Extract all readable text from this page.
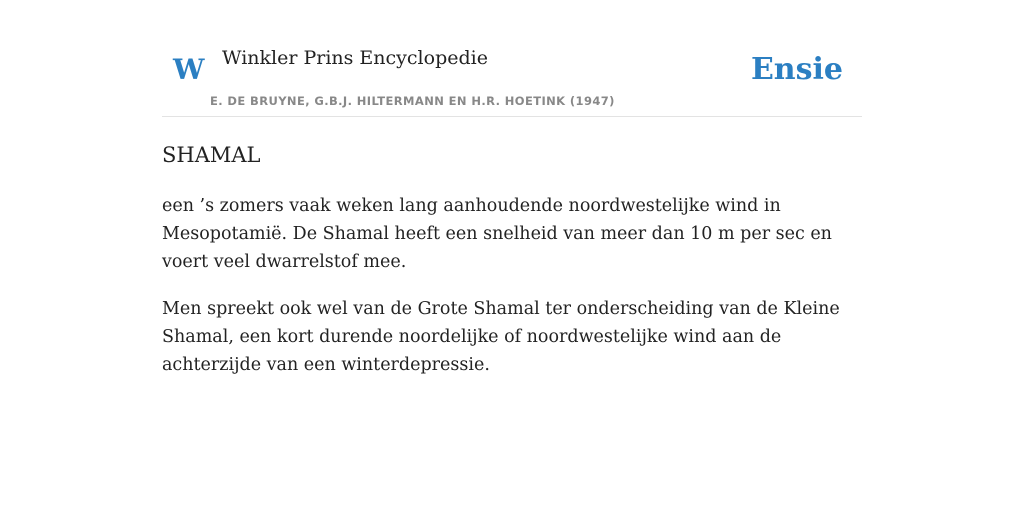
W Winkler Prins Encyclopedie
E. DE BRUYNE, G.B.J. HILTERMANN EN H.R. HOETINK (1947)
Ensie
SHAMAL

een ’s zomers vaak weken lang aanhoudende noordwestelijke wind in Mesopotamië. De Shamal heeft een snelheid van meer dan 10 m per sec en voert veel dwarrelstof mee.

Men spreekt ook wel van de Grote Shamal ter onderscheiding van de Kleine Shamal, een kort durende noordelijke of noordwestelijke wind aan de achterzijde van een winterdepressie.
